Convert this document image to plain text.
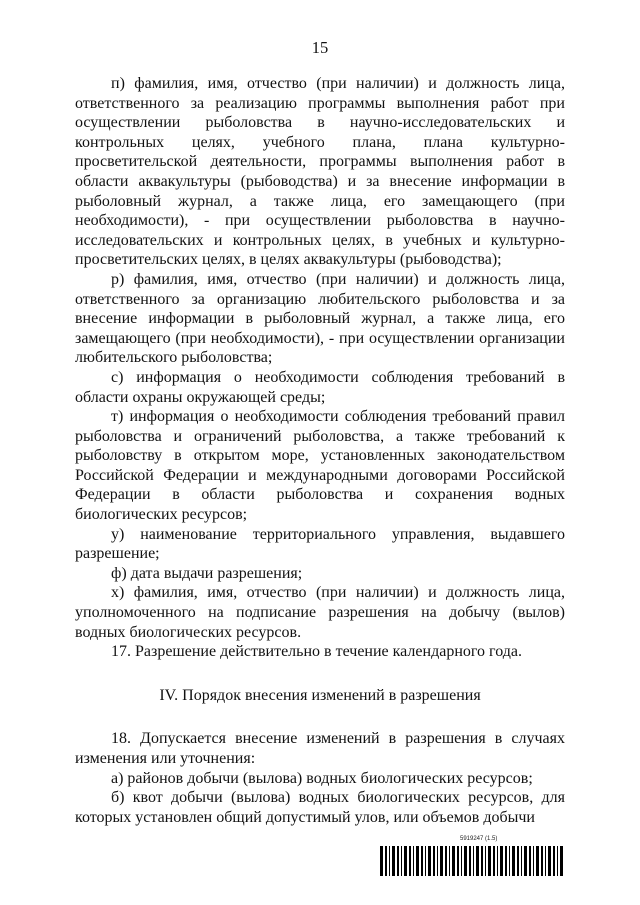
15

п) фамилия, имя, отчество (при наличии) и должность лица, ответственного за реализацию программы выполнения работ при осуществлении рыболовства в научно-исследовательских и контрольных целях, учебного плана, плана культурно-просветительской деятельности, программы выполнения работ в области аквакультуры (рыбоводства) и за внесение информации в рыболовный журнал, а также лица, его замещающего (при необходимости), - при осуществлении рыболовства в научно-исследовательских и контрольных целях, в учебных и культурно-просветительских целях, в целях аквакультуры (рыбоводства);

р) фамилия, имя, отчество (при наличии) и должность лица, ответственного за организацию любительского рыболовства и за внесение информации в рыболовный журнал, а также лица, его замещающего (при необходимости), - при осуществлении организации любительского рыболовства;

с) информация о необходимости соблюдения требований в области охраны окружающей среды;

т) информация о необходимости соблюдения требований правил рыболовства и ограничений рыболовства, а также требований к рыболовству в открытом море, установленных законодательством Российской Федерации и международными договорами Российской Федерации в области рыболовства и сохранения водных биологических ресурсов;

у) наименование территориального управления, выдавшего разрешение;

ф) дата выдачи разрешения;

х) фамилия, имя, отчество (при наличии) и должность лица, уполномоченного на подписание разрешения на добычу (вылов) водных биологических ресурсов.

17. Разрешение действительно в течение календарного года.

IV. Порядок внесения изменений в разрешения

18. Допускается внесение изменений в разрешения в случаях изменения или уточнения:

а) районов добычи (вылова) водных биологических ресурсов;

б) квот добычи (вылова) водных биологических ресурсов, для которых установлен общий допустимый улов, или объемов добычи

5919247 (1.5)
